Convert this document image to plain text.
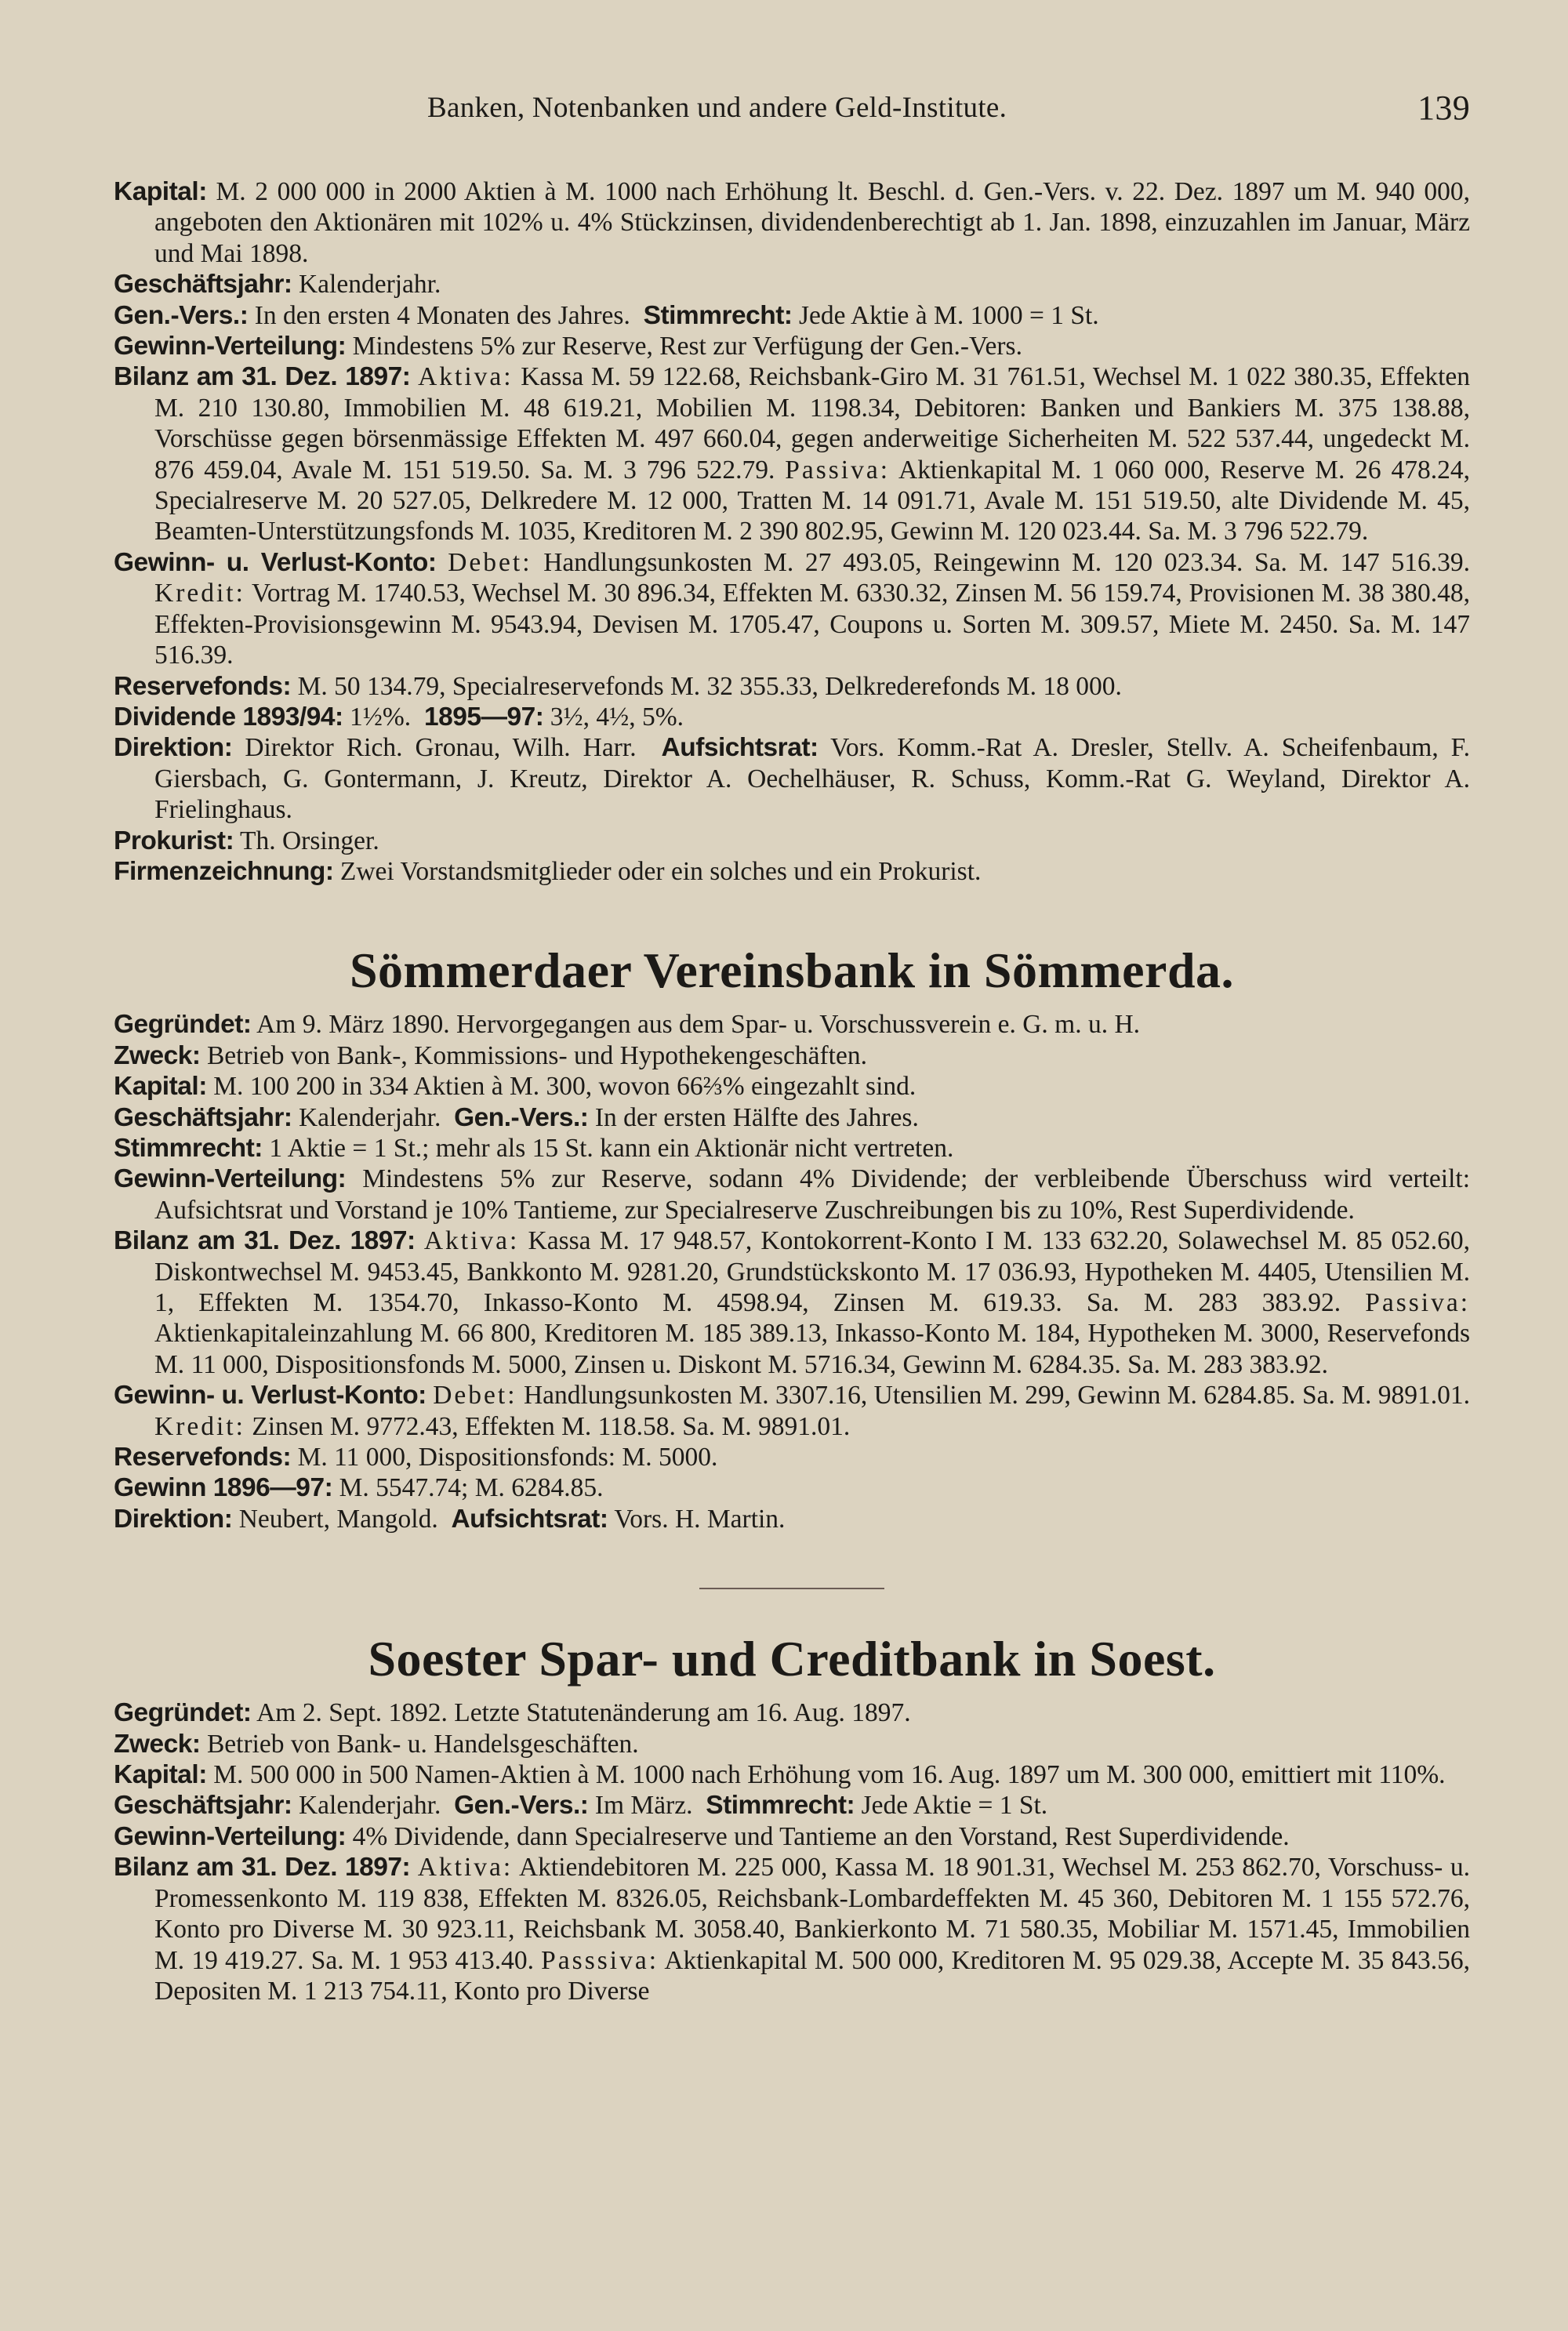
Banken, Notenbanken und andere Geld-Institute.	139

Kapital: M. 2 000 000 in 2000 Aktien à M. 1000 nach Erhöhung lt. Beschl. d. Gen.-Vers. v. 22. Dez. 1897 um M. 940 000, angeboten den Aktionären mit 102% u. 4% Stückzinsen, dividendenberechtigt ab 1. Jan. 1898, einzuzahlen im Januar, März und Mai 1898.

Geschäftsjahr: Kalenderjahr.

Gen.-Vers.: In den ersten 4 Monaten des Jahres. Stimmrecht: Jede Aktie à M. 1000 = 1 St.

Gewinn-Verteilung: Mindestens 5% zur Reserve, Rest zur Verfügung der Gen.-Vers.

Bilanz am 31. Dez. 1897: Aktiva: Kassa M. 59 122.68, Reichsbank-Giro M. 31 761.51, Wechsel M. 1 022 380.35, Effekten M. 210 130.80, Immobilien M. 48 619.21, Mobilien M. 1198.34, Debitoren: Banken und Bankiers M. 375 138.88, Vorschüsse gegen börsenmässige Effekten M. 497 660.04, gegen anderweitige Sicherheiten M. 522 537.44, ungedeckt M. 876 459.04, Avale M. 151 519.50. Sa. M. 3 796 522.79. Passiva: Aktienkapital M. 1 060 000, Reserve M. 26 478.24, Specialreserve M. 20 527.05, Delkredere M. 12 000, Tratten M. 14 091.71, Avale M. 151 519.50, alte Dividende M. 45, Beamten-Unterstützungsfonds M. 1035, Kreditoren M. 2 390 802.95, Gewinn M. 120 023.44. Sa. M. 3 796 522.79.

Gewinn- u. Verlust-Konto: Debet: Handlungsunkosten M. 27 493.05, Reingewinn M. 120 023.34. Sa. M. 147 516.39. Kredit: Vortrag M. 1740.53, Wechsel M. 30 896.34, Effekten M. 6330.32, Zinsen M. 56 159.74, Provisionen M. 38 380.48, Effekten-Provisionsgewinn M. 9543.94, Devisen M. 1705.47, Coupons u. Sorten M. 309.57, Miete M. 2450. Sa. M. 147 516.39.

Reservefonds: M. 50 134.79, Specialreservefonds M. 32 355.33, Delkrederefonds M. 18 000.

Dividende 1893/94: 1½%. 1895—97: 3½, 4½, 5%.

Direktion: Direktor Rich. Gronau, Wilh. Harr. Aufsichtsrat: Vors. Komm.-Rat A. Dresler, Stellv. A. Scheifenbaum, F. Giersbach, G. Gontermann, J. Kreutz, Direktor A. Oechelhäuser, R. Schuss, Komm.-Rat G. Weyland, Direktor A. Frielinghaus.

Prokurist: Th. Orsinger.

Firmenzeichnung: Zwei Vorstandsmitglieder oder ein solches und ein Prokurist.

Sömmerdaer Vereinsbank in Sömmerda.

Gegründet: Am 9. März 1890. Hervorgegangen aus dem Spar- u. Vorschussverein e. G. m. u. H.

Zweck: Betrieb von Bank-, Kommissions- und Hypothekengeschäften.

Kapital: M. 100 200 in 334 Aktien à M. 300, wovon 66⅔% eingezahlt sind.

Geschäftsjahr: Kalenderjahr. Gen.-Vers.: In der ersten Hälfte des Jahres.

Stimmrecht: 1 Aktie = 1 St.; mehr als 15 St. kann ein Aktionär nicht vertreten.

Gewinn-Verteilung: Mindestens 5% zur Reserve, sodann 4% Dividende; der verbleibende Überschuss wird verteilt: Aufsichtsrat und Vorstand je 10% Tantieme, zur Specialreserve Zuschreibungen bis zu 10%, Rest Superdividende.

Bilanz am 31. Dez. 1897: Aktiva: Kassa M. 17 948.57, Kontokorrent-Konto I M. 133 632.20, Solawechsel M. 85 052.60, Diskontwechsel M. 9453.45, Bankkonto M. 9281.20, Grundstückskonto M. 17 036.93, Hypotheken M. 4405, Utensilien M. 1, Effekten M. 1354.70, Inkasso-Konto M. 4598.94, Zinsen M. 619.33. Sa. M. 283 383.92. Passiva: Aktienkapitaleinzahlung M. 66 800, Kreditoren M. 185 389.13, Inkasso-Konto M. 184, Hypotheken M. 3000, Reservefonds M. 11 000, Dispositionsfonds M. 5000, Zinsen u. Diskont M. 5716.34, Gewinn M. 6284.35. Sa. M. 283 383.92.

Gewinn- u. Verlust-Konto: Debet: Handlungsunkosten M. 3307.16, Utensilien M. 299, Gewinn M. 6284.85. Sa. M. 9891.01. Kredit: Zinsen M. 9772.43, Effekten M. 118.58. Sa. M. 9891.01.

Reservefonds: M. 11 000, Dispositionsfonds: M. 5000.

Gewinn 1896—97: M. 5547.74; M. 6284.85.

Direktion: Neubert, Mangold. Aufsichtsrat: Vors. H. Martin.

Soester Spar- und Creditbank in Soest.

Gegründet: Am 2. Sept. 1892. Letzte Statutenänderung am 16. Aug. 1897.

Zweck: Betrieb von Bank- u. Handelsgeschäften.

Kapital: M. 500 000 in 500 Namen-Aktien à M. 1000 nach Erhöhung vom 16. Aug. 1897 um M. 300 000, emittiert mit 110%.

Geschäftsjahr: Kalenderjahr. Gen.-Vers.: Im März. Stimmrecht: Jede Aktie = 1 St.

Gewinn-Verteilung: 4% Dividende, dann Specialreserve und Tantieme an den Vorstand, Rest Superdividende.

Bilanz am 31. Dez. 1897: Aktiva: Aktiendebitoren M. 225 000, Kassa M. 18 901.31, Wechsel M. 253 862.70, Vorschuss- u. Promessenkonto M. 119 838, Effekten M. 8326.05, Reichsbank-Lombardeffekten M. 45 360, Debitoren M. 1 155 572.76, Konto pro Diverse M. 30 923.11, Reichsbank M. 3058.40, Bankierkonto M. 71 580.35, Mobiliar M. 1571.45, Immobilien M. 19 419.27. Sa. M. 1 953 413.40. Passsiva: Aktienkapital M. 500 000, Kreditoren M. 95 029.38, Accepte M. 35 843.56, Depositen M. 1 213 754.11, Konto pro Diverse
